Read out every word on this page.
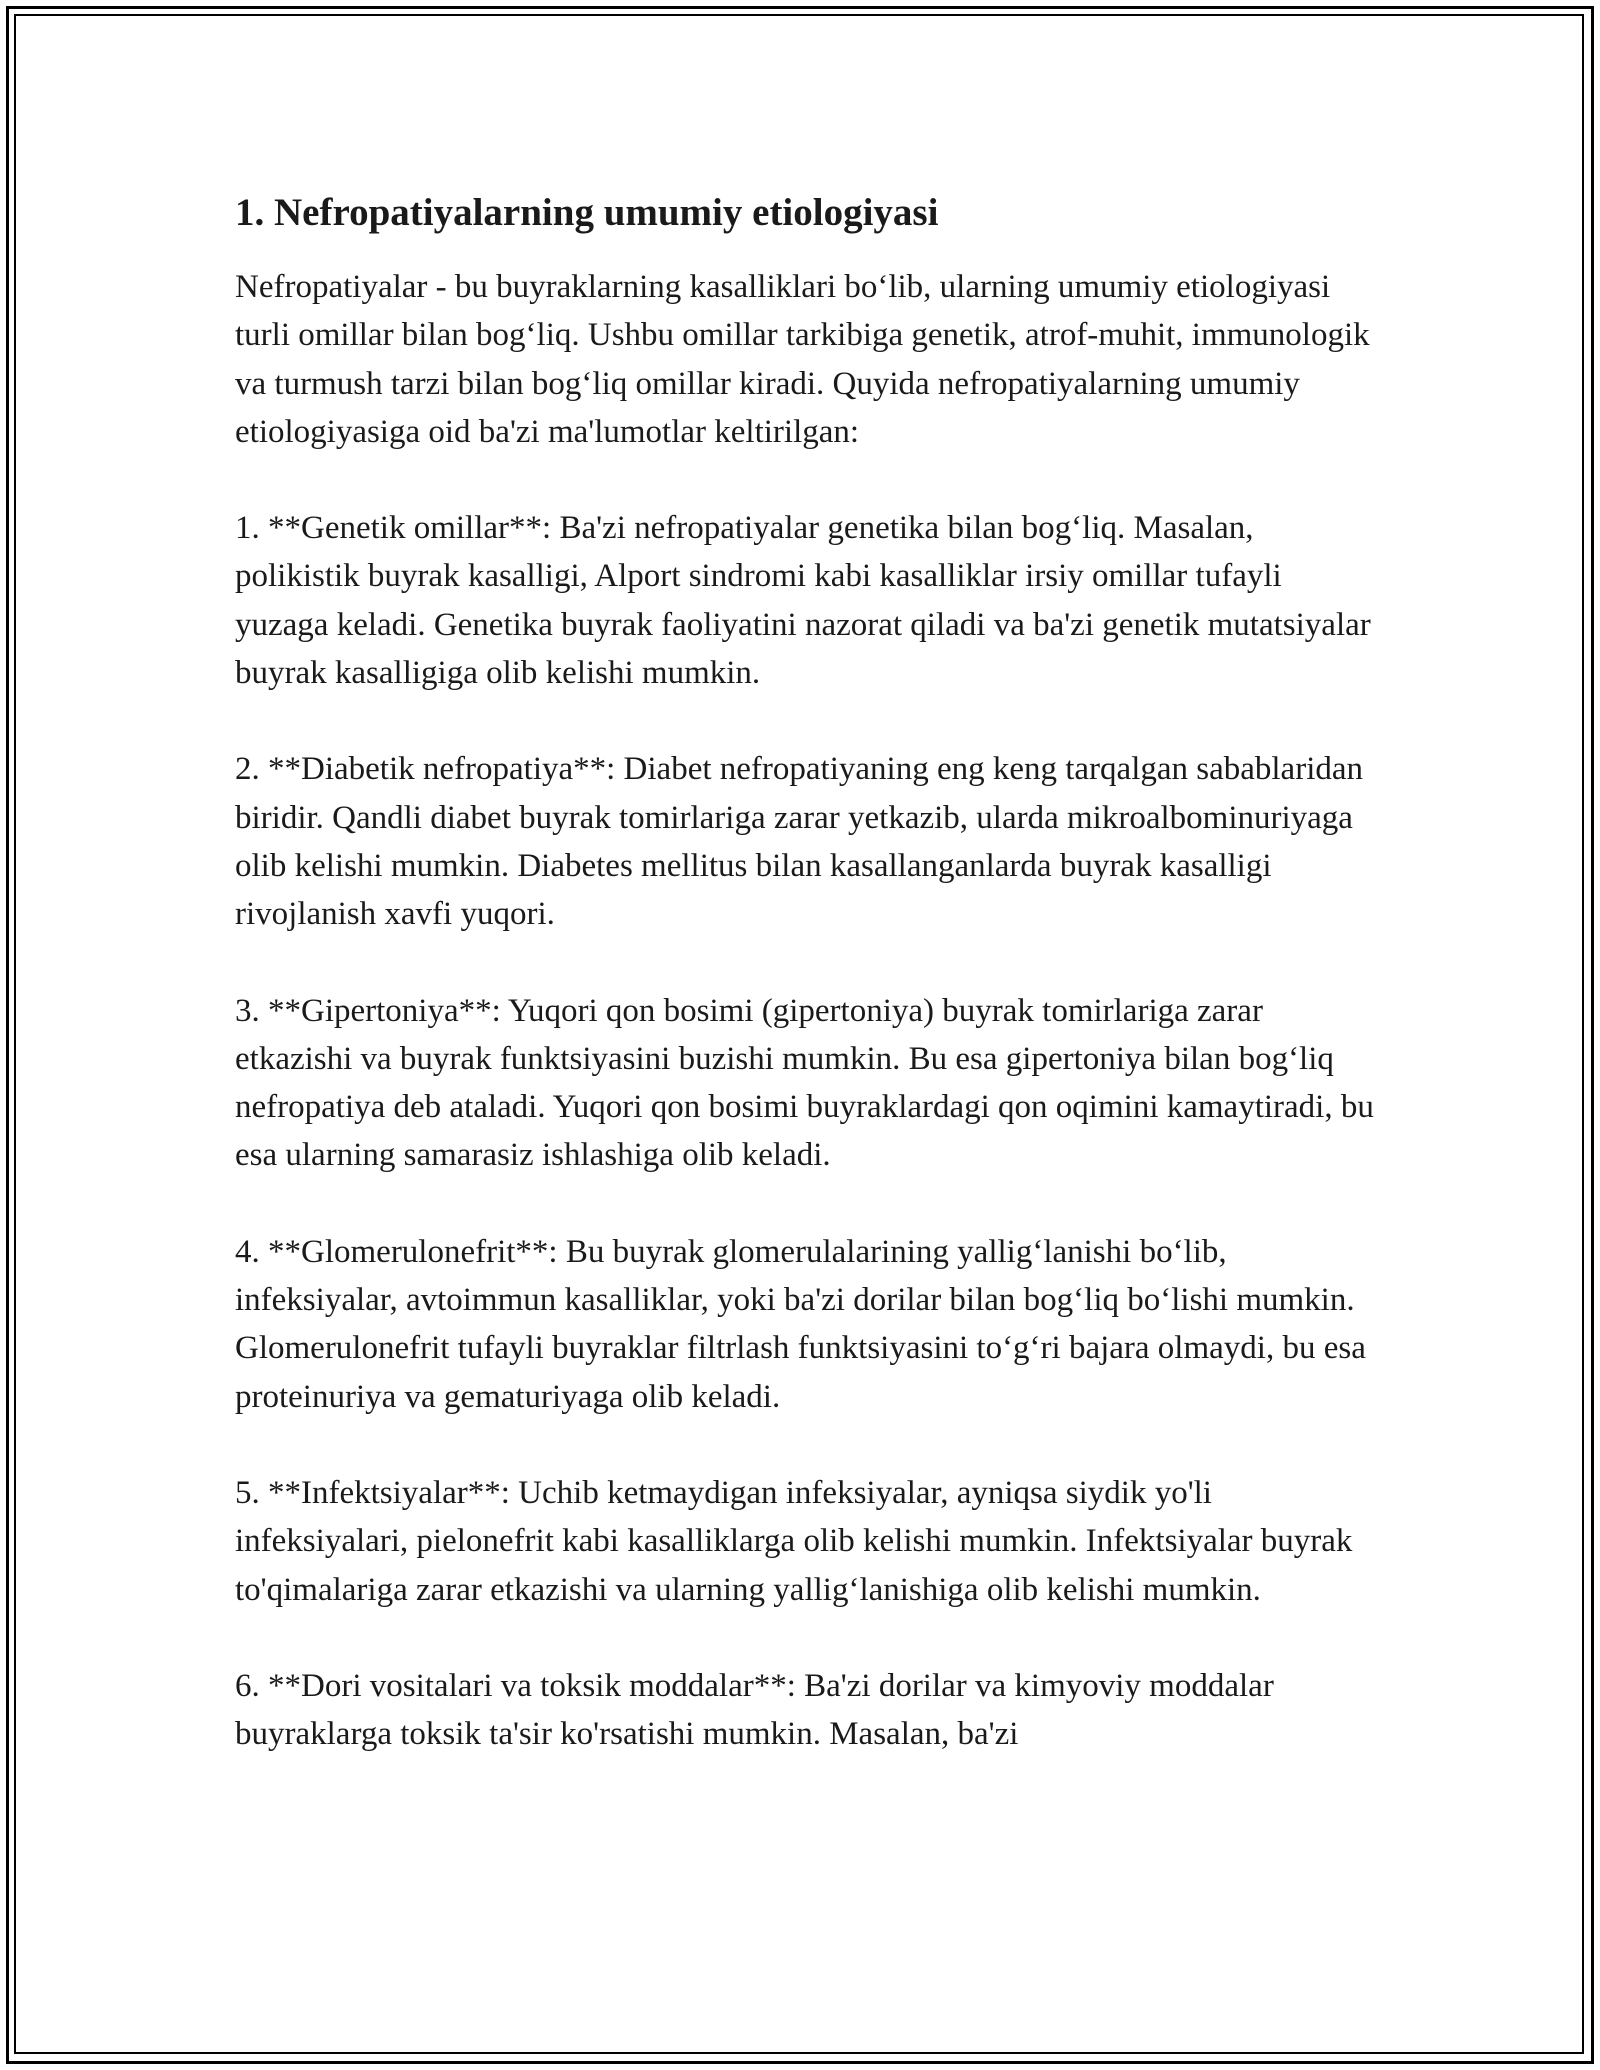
1. Nefropatiyalarning umumiy etiologiyasi

Nefropatiyalar - bu buyraklarning kasalliklari bo‘lib, ularning umumiy etiologiyasi turli omillar bilan bog‘liq. Ushbu omillar tarkibiga genetik, atrof-muhit, immunologik va turmush tarzi bilan bog‘liq omillar kiradi. Quyida nefropatiyalarning umumiy etiologiyasiga oid ba'zi ma'lumotlar keltirilgan:

1. **Genetik omillar**: Ba'zi nefropatiyalar genetika bilan bog‘liq. Masalan, polikistik buyrak kasalligi, Alport sindromi kabi kasalliklar irsiy omillar tufayli yuzaga keladi. Genetika buyrak faoliyatini nazorat qiladi va ba'zi genetik mutatsiyalar buyrak kasalligiga olib kelishi mumkin.

2. **Diabetik nefropatiya**: Diabet nefropatiyaning eng keng tarqalgan sabablaridan biridir. Qandli diabet buyrak tomirlariga zarar yetkazib, ularda mikroalbominuriyaga olib kelishi mumkin. Diabetes mellitus bilan kasallanganlarda buyrak kasalligi rivojlanish xavfi yuqori.

3. **Gipertoniya**: Yuqori qon bosimi (gipertoniya) buyrak tomirlariga zarar etkazishi va buyrak funktsiyasini buzishi mumkin. Bu esa gipertoniya bilan bog‘liq nefropatiya deb ataladi. Yuqori qon bosimi buyraklardagi qon oqimini kamaytiradi, bu esa ularning samarasiz ishlashiga olib keladi.

4. **Glomerulonefrit**: Bu buyrak glomerulalarining yallig‘lanishi bo‘lib, infeksiyalar, avtoimmun kasalliklar, yoki ba'zi dorilar bilan bog‘liq bo‘lishi mumkin. Glomerulonefrit tufayli buyraklar filtrlash funktsiyasini to‘g‘ri bajara olmaydi, bu esa proteinuriya va gematuriyaga olib keladi.

5. **Infektsiyalar**: Uchib ketmaydigan infeksiyalar, ayniqsa siydik yo'li infeksiyalari, pielonefrit kabi kasalliklarga olib kelishi mumkin. Infektsiyalar buyrak to'qimalariga zarar etkazishi va ularning yallig‘lanishiga olib kelishi mumkin.

6. **Dori vositalari va toksik moddalar**: Ba'zi dorilar va kimyoviy moddalar buyraklarga toksik ta'sir ko'rsatishi mumkin. Masalan, ba'zi
